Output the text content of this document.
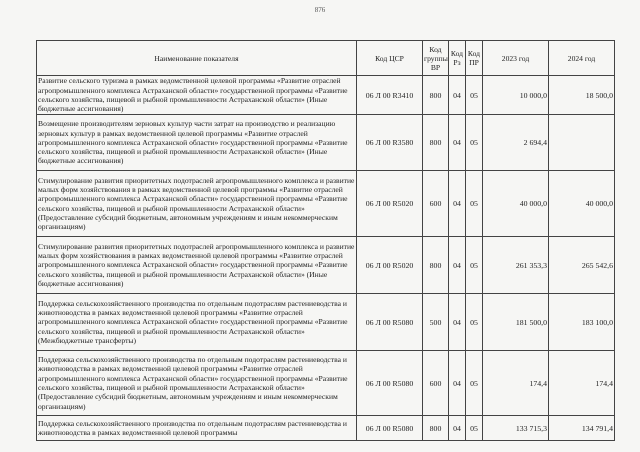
876
Наименование показателя	Код ЦСР	Код группы ВР	Код Рз	Код ПР	2023 год	2024 год
Развитие сельского туризма в рамках ведомственной целевой программы «Развитие отраслей агропромышленного комплекса Астраханской области» государственной программы «Развитие сельского хозяйства, пищевой и рыбной промышленности Астраханской области» (Иные бюджетные ассигнования)	06 Л 00 R3410	800	04	05	10 000,0	18 500,0
Возмещение производителям зерновых культур части затрат на производство и реализацию зерновых культур в рамках ведомственной целевой программы «Развитие отраслей агропромышленного комплекса Астраханской области» государственной программы «Развитие сельского хозяйства, пищевой и рыбной промышленности Астраханской области» (Иные бюджетные ассигнования)	06 Л 00 R3580	800	04	05	2 694,4	
Стимулирование развития приоритетных подотраслей агропромышленного комплекса и развитие малых форм хозяйствования в рамках ведомственной целевой программы «Развитие отраслей агропромышленного комплекса Астраханской области» государственной программы «Развитие сельского хозяйства, пищевой и рыбной промышленности Астраханской области» (Предоставление субсидий бюджетным, автономным учреждениям и иным некоммерческим организациям)	06 Л 00 R5020	600	04	05	40 000,0	40 000,0
Стимулирование развития приоритетных подотраслей агропромышленного комплекса и развитие малых форм хозяйствования в рамках ведомственной целевой программы «Развитие отраслей агропромышленного комплекса Астраханской области» государственной программы «Развитие сельского хозяйства, пищевой и рыбной промышленности Астраханской области» (Иные бюджетные ассигнования)	06 Л 00 R5020	800	04	05	261 353,3	265 542,6
Поддержка сельскохозяйственного производства по отдельным подотраслям растениеводства и животноводства в рамках ведомственной целевой программы «Развитие отраслей агропромышленного комплекса Астраханской области» государственной программы «Развитие сельского хозяйства, пищевой и рыбной промышленности Астраханской области» (Межбюджетные трансферты)	06 Л 00 R5080	500	04	05	181 500,0	183 100,0
Поддержка сельскохозяйственного производства по отдельным подотраслям растениеводства и животноводства в рамках ведомственной целевой программы «Развитие отраслей агропромышленного комплекса Астраханской области» государственной программы «Развитие сельского хозяйства, пищевой и рыбной промышленности Астраханской области» (Предоставление субсидий бюджетным, автономным учреждениям и иным некоммерческим организациям)	06 Л 00 R5080	600	04	05	174,4	174,4
Поддержка сельскохозяйственного производства по отдельным подотраслям растениеводства и животноводства в рамках ведомственной целевой программы	06 Л 00 R5080	800	04	05	133 715,3	134 791,4
